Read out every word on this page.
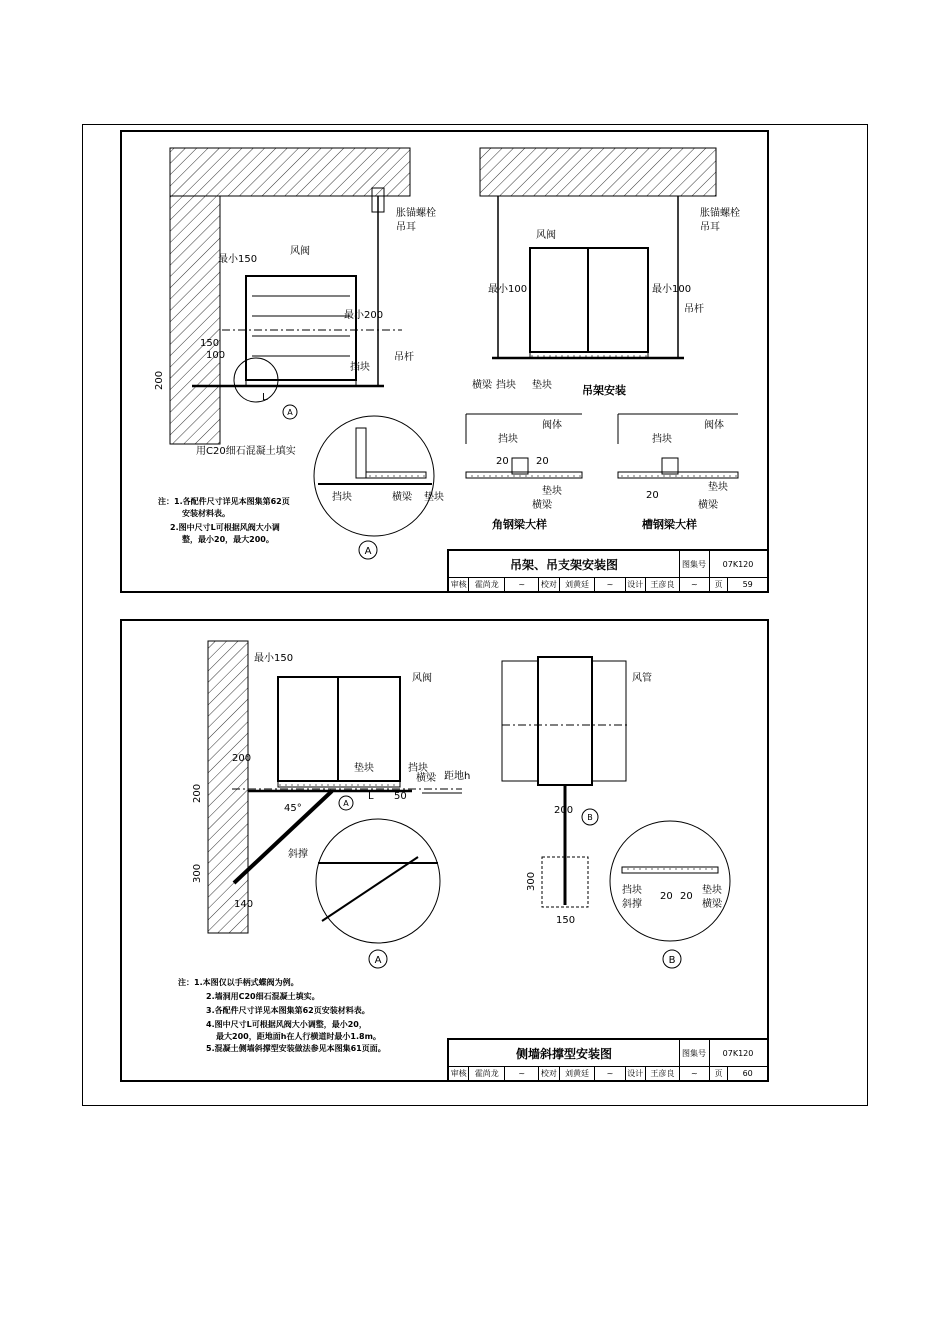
A
胀锚螺栓
吊耳
风阀
最小150
最小200
挡块
吊杆
150
100
200
用C20细石混凝土填实
L
挡块	横梁 垫块
A
风阀
胀锚螺栓
吊耳
最小100	最小100
吊杆
横梁 挡块 垫块	吊架安装
阀体
挡块
20	20
垫块
横梁
角钢梁大样
阀体
挡块
20
垫块
横梁
槽钢梁大样
注：1.各配件尺寸详见本图集第62页
安装材料表。
2.图中尺寸L可根据风阀大小调
整，最小20，最大200。
吊架、吊支架安装图	图集号	07K120
审核	霍尚龙	~	校对	刘黄廷	~	设计 王彦良	~	页	59
最小150
风阀
挡块
垫块
横梁 距地h
200
200
300
140
50
45°
L
斜撑
A
A
风管
200
300
150
B
挡块
斜撑
20 20
垫块
横梁
B
注：1.本图仅以手柄式蝶阀为例。
2.墙洞用C20细石混凝土填实。
3.各配件尺寸详见本图集第62页安装材料表。
4.图中尺寸L可根据风阀大小调整，最小20，
最大200，距地面h在人行横道时最小1.8m。
5.混凝土侧墙斜撑型安装做法参见本图集61页面。	侧墙斜撑型安装图	图集号	07K120
审核	霍尚龙	~	校对	刘黄廷	~	设计 王彦良	~	页	60
